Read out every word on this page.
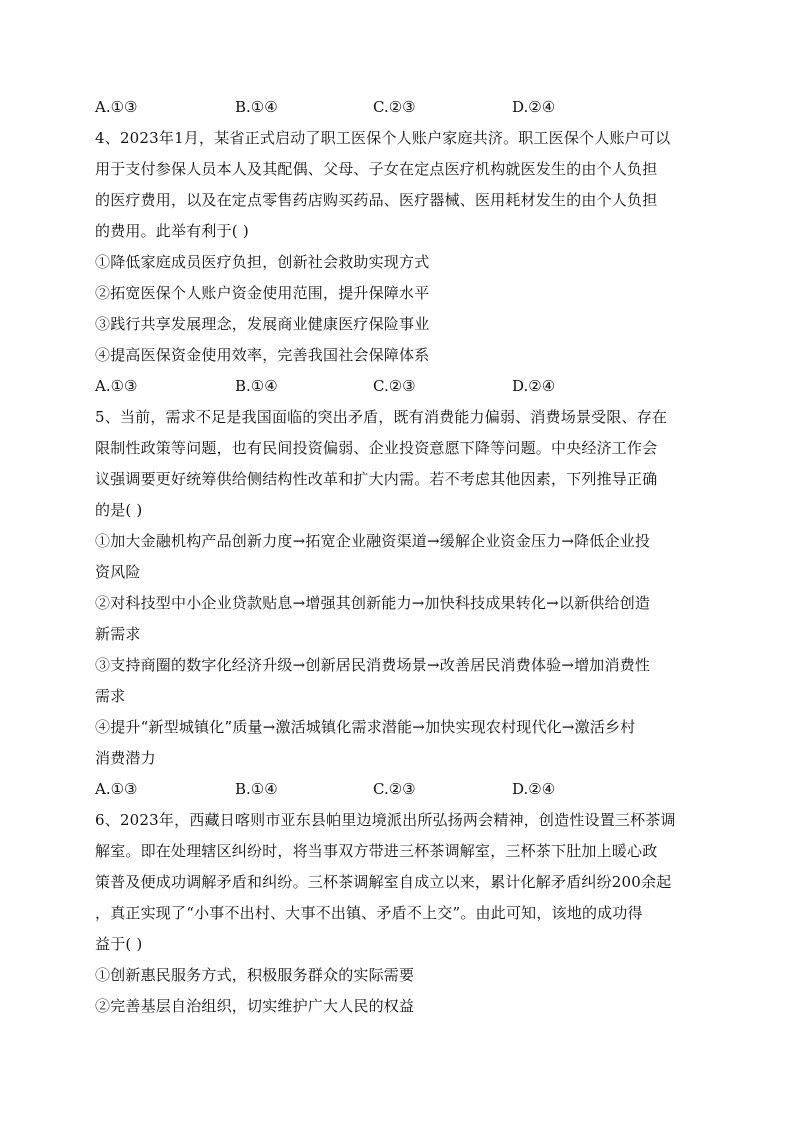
A.①③	B.①④	C.②③	D.②④
4、2023年1月，某省正式启动了职工医保个人账户家庭共济。职工医保个人账户可以
用于支付参保人员本人及其配偶、父母、子女在定点医疗机构就医发生的由个人负担
的医疗费用，以及在定点零售药店购买药品、医疗器械、医用耗材发生的由个人负担
的费用。此举有利于( )
①降低家庭成员医疗负担，创新社会救助实现方式
②拓宽医保个人账户资金使用范围，提升保障水平
③践行共享发展理念，发展商业健康医疗保险事业
④提高医保资金使用效率，完善我国社会保障体系
A.①③	B.①④	C.②③	D.②④
5、当前，需求不足是我国面临的突出矛盾，既有消费能力偏弱、消费场景受限、存在
限制性政策等问题，也有民间投资偏弱、企业投资意愿下降等问题。中央经济工作会
议强调要更好统筹供给侧结构性改革和扩大内需。若不考虑其他因素，下列推导正确
的是( )
①加大金融机构产品创新力度→拓宽企业融资渠道→缓解企业资金压力→降低企业投
资风险
②对科技型中小企业贷款贴息→增强其创新能力→加快科技成果转化→以新供给创造
新需求
③支持商圈的数字化经济升级→创新居民消费场景→改善居民消费体验→增加消费性
需求
④提升“新型城镇化”质量→激活城镇化需求潜能→加快实现农村现代化→激活乡村
消费潜力
A.①③	B.①④	C.②③	D.②④
6、2023年，西藏日喀则市亚东县帕里边境派出所弘扬两会精神，创造性设置三杯茶调
解室。即在处理辖区纠纷时，将当事双方带进三杯茶调解室，三杯茶下肚加上暖心政
策普及便成功调解矛盾和纠纷。三杯茶调解室自成立以来，累计化解矛盾纠纷200余起
，真正实现了“小事不出村、大事不出镇、矛盾不上交”。由此可知，该地的成功得
益于( )
①创新惠民服务方式，积极服务群众的实际需要
②完善基层自治组织，切实维护广大人民的权益
